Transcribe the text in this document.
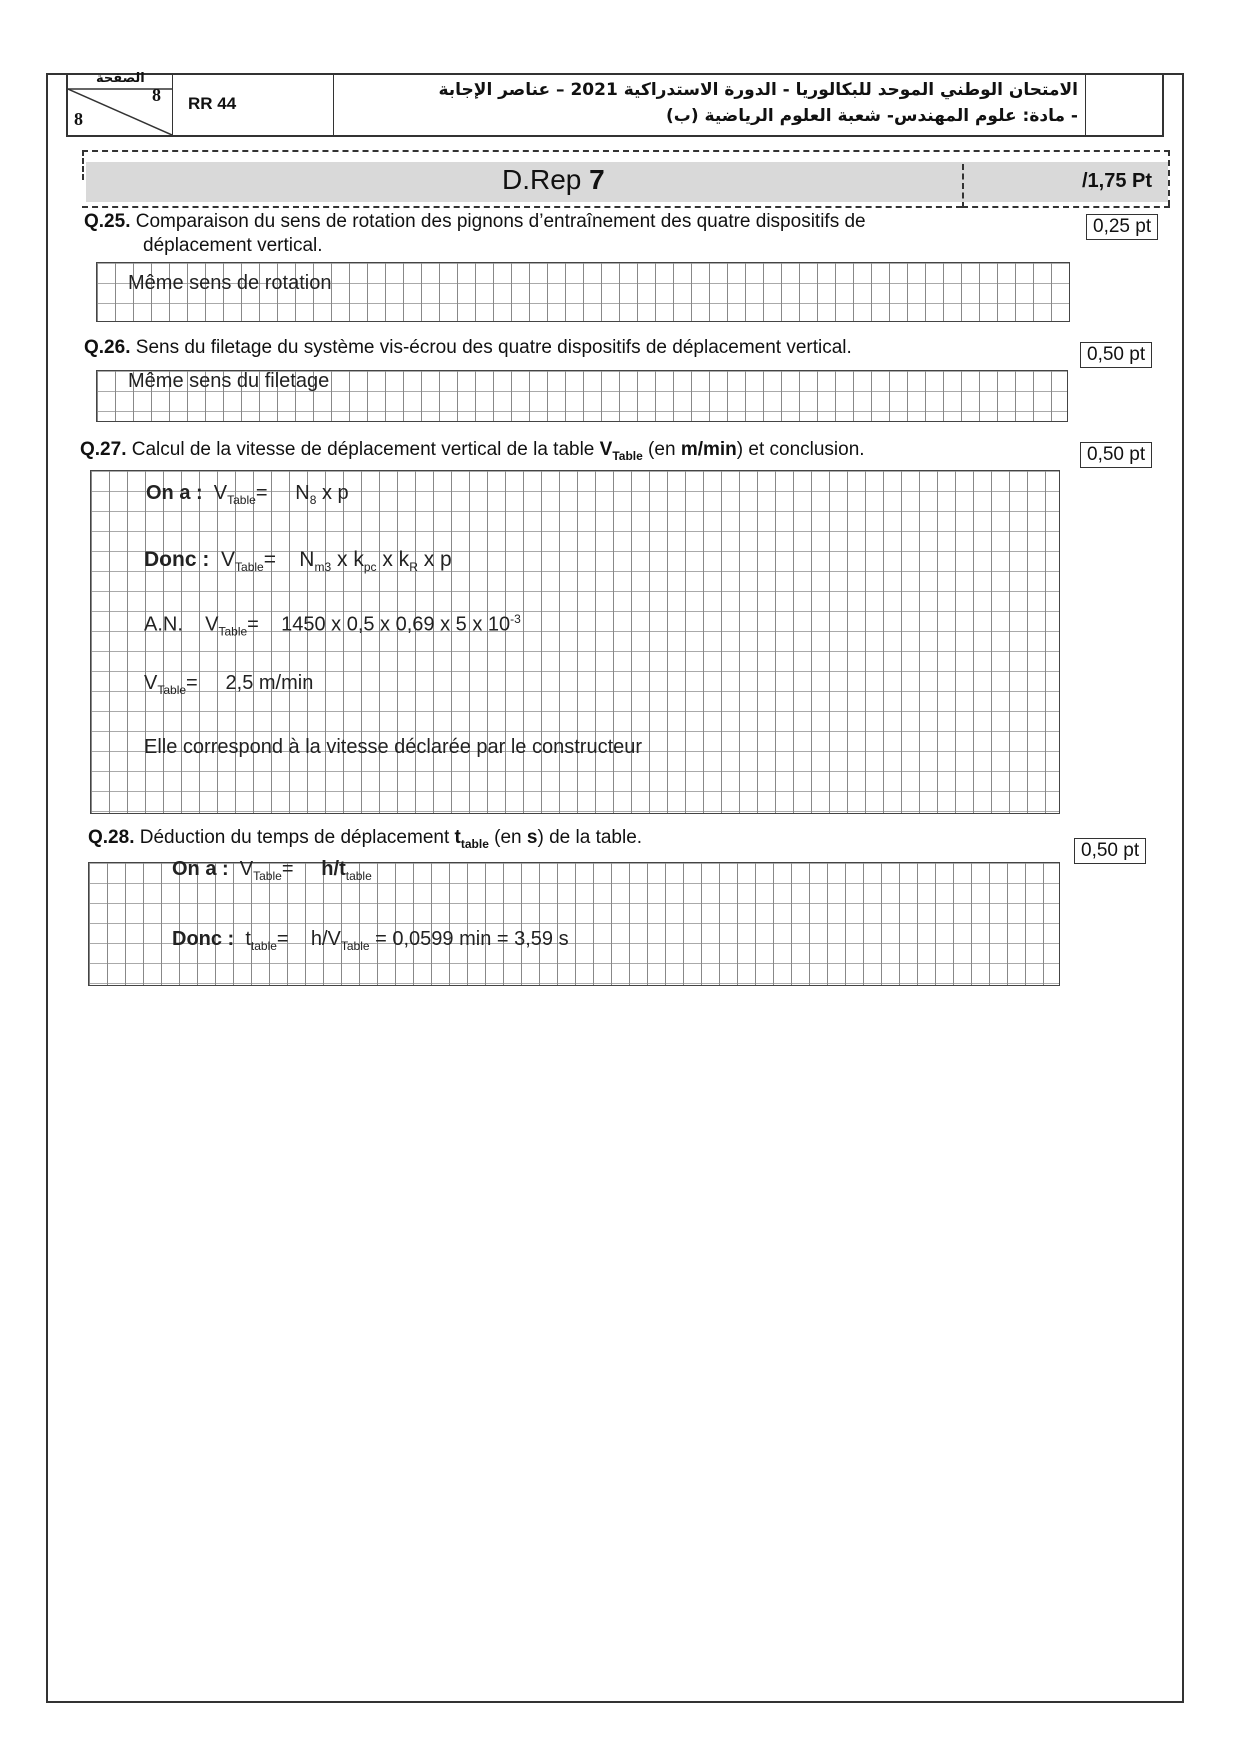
الصفحة
8
8
RR 44
الامتحان الوطني الموحد للبكالوريا - الدورة الاستدراكية 2021 – عناصر الإجابة
- مادة: علوم المهندس- شعبة العلوم الرياضية (ب)
D.Rep 7	/1,75 Pt
Q.25. Comparaison du sens de rotation des pignons d’entraînement des quatre dispositifs de
déplacement vertical.
0,25 pt
Même sens de rotation
Q.26. Sens du filetage du système vis-écrou des quatre dispositifs de déplacement vertical.	0,50 pt
Même sens du filetage
Q.27. Calcul de la vitesse de déplacement vertical de la table $V_{Table}$ (en m/min) et conclusion.	0,50 pt
On a :  $V_{Table}=$     $N_8$ x p
Donc :  $V_{Table}=$    $N_{m3}$ x $k_{pc}$ x $k_R$ x p
A.N.    $V_{Table}= 1450$ x 0,5 x 0,69 x 5 x $10^{-3}$
$V_{Table}= 2,5$ m/min
Elle correspond à la vitesse déclarée par le constructeur
Q.28. Déduction du temps de déplacement $t_{table}$ (en s) de la table.
0,50 pt
On a :  $V_{Table}= h/t_{table}$
Donc :  $t_{table}= h/V_{Table} = 0,0599$ min = 3,59 s
